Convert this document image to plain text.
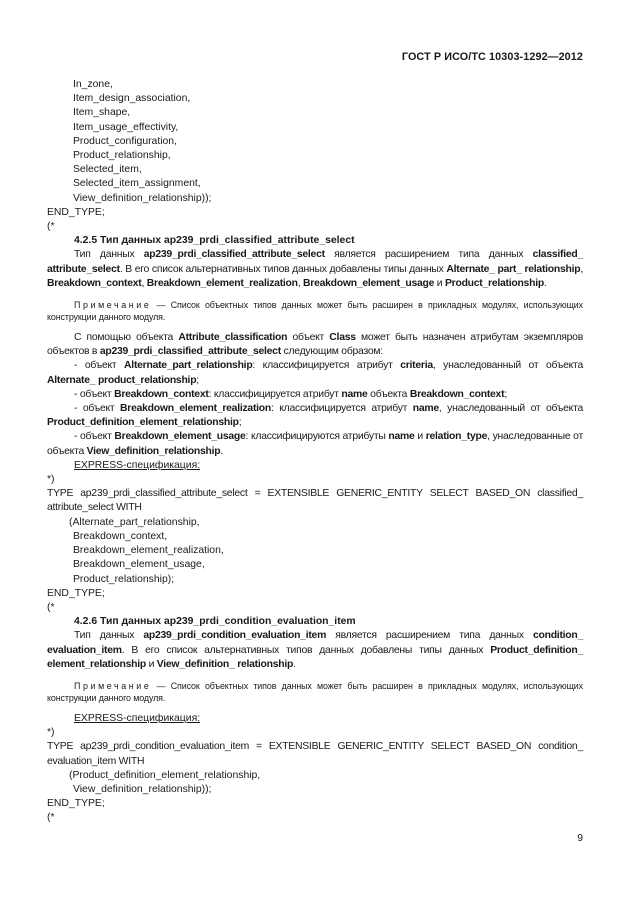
ГОСТ Р ИСО/ТС 10303-1292—2012
In_zone,
Item_design_association,
Item_shape,
Item_usage_effectivity,
Product_configuration,
Product_relationship,
Selected_item,
Selected_item_assignment,
View_definition_relationship));
END_TYPE;
(*
4.2.5 Тип данных ap239_prdi_classified_attribute_select
Тип данных ap239_prdi_classified_attribute_select является расширением типа данных classified_ attribute_select. В его список альтернативных типов данных добавлены типы данных Alternate_ part_ relationship, Breakdown_context, Breakdown_element_realization, Breakdown_element_usage и Product_relationship.
Примечание — Список объектных типов данных может быть расширен в прикладных модулях, использующих конструкции данного модуля.
С помощью объекта Attribute_classification объект Class может быть назначен атрибутам экземпляров объектов в ap239_prdi_classified_attribute_select следующим образом:
- объект Alternate_part_relationship: классифицируется атрибут criteria, унаследованный от объекта Alternate_ product_relationship;
- объект Breakdown_context: классифицируется атрибут name объекта Breakdown_context;
- объект Breakdown_element_realization: классифицируется атрибут name, унаследованный от объекта Product_definition_element_relationship;
- объект Breakdown_element_usage: классифицируются атрибуты name и relation_type, унаследованные от объекта View_definition_relationship.
EXPRESS-спецификация:
*)
TYPE ap239_prdi_classified_attribute_select = EXTENSIBLE GENERIC_ENTITY SELECT BASED_ON classified_ attribute_select WITH
(Alternate_part_relationship,
Breakdown_context,
Breakdown_element_realization,
Breakdown_element_usage,
Product_relationship);
END_TYPE;
(*
4.2.6 Тип данных ap239_prdi_condition_evaluation_item
Тип данных ap239_prdi_condition_evaluation_item является расширением типа данных condition_ evaluation_item. В его список альтернативных типов данных добавлены типы данных Product_definition_ element_relationship и View_definition_ relationship.
Примечание — Список объектных типов данных может быть расширен в прикладных модулях, использующих конструкции данного модуля.
EXPRESS-спецификация:
*)
TYPE ap239_prdi_condition_evaluation_item = EXTENSIBLE GENERIC_ENTITY SELECT BASED_ON condition_ evaluation_item WITH
(Product_definition_element_relationship,
View_definition_relationship));
END_TYPE;
(*
9
